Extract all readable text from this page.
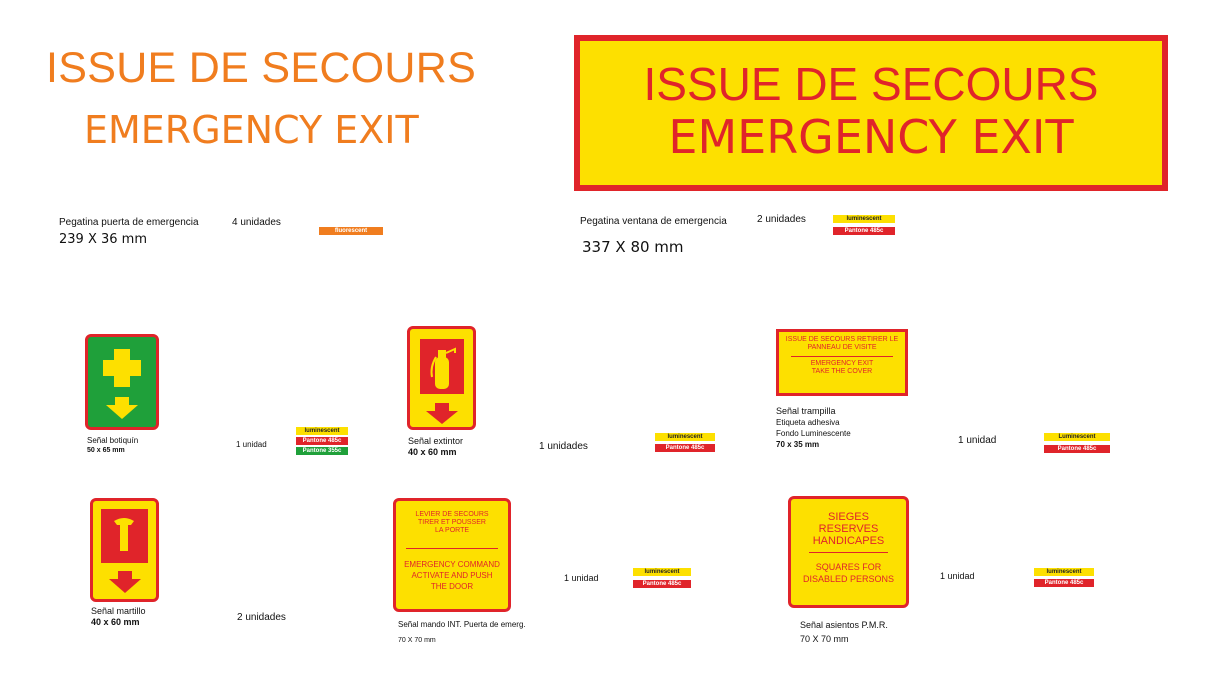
ISSUE DE SECOURS
EMERGENCY EXIT
ISSUE DE SECOURS
EMERGENCY EXIT
Pegatina puerta de emergencia
239 X 36 mm
4 unidades
fluorescent
Pegatina ventana de emergencia
337 X 80 mm
2 unidades	luminescent
Pantone 485c
Señal botiquín
50 x 65 mm
1 unidad
luminescent
Pantone 485c
Pantone 355c
Señal extintor
40 x 60 mm	1 unidades
luminescent
Pantone 485c
ISSUE DE SECOURS RETIRER LE PANNEAU DE VISITE
EMERGENCY EXIT
TAKE THE COVER
Señal trampilla
Etiqueta adhesiva
Fondo Luminescente
70 x 35 mm	1 unidad	Luminescent
Pantone 485c
Señal martillo
40 x 60 mm	2 unidades
LEVIER DE SECOURS
TIRER ET POUSSER
LA PORTE
EMERGENCY COMMAND
ACTIVATE AND PUSH
THE DOOR
Señal mando INT. Puerta de emerg.
70 X 70 mm
1 unidad
luminescent
Pantone 485c
SIEGES
RESERVES
HANDICAPES
SQUARES FOR
DISABLED PERSONS
Señal asientos P.M.R.
70 X 70 mm
1 unidad	luminescent
Pantone 485c
